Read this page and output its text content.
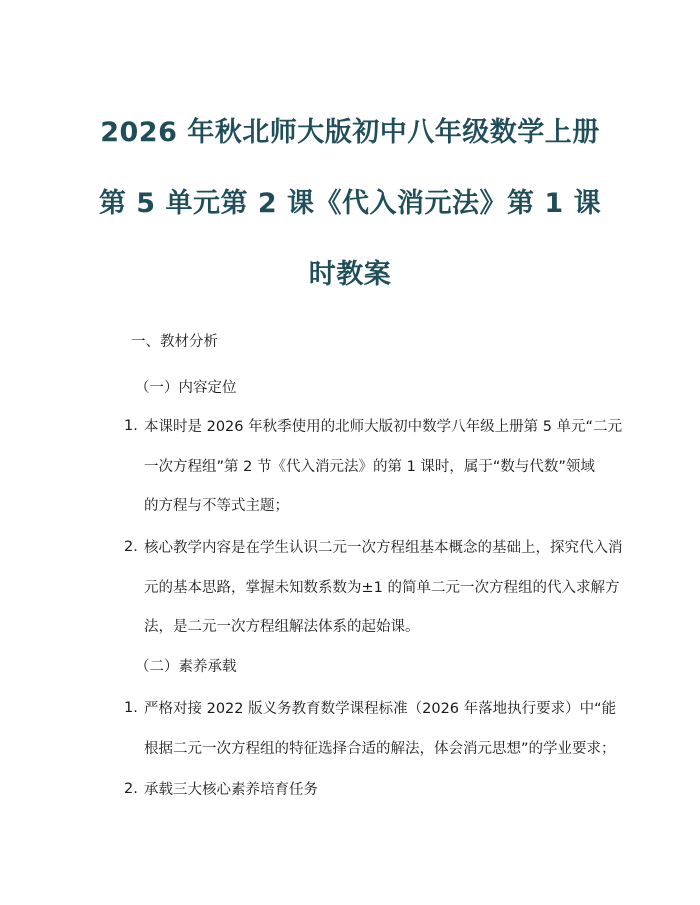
2026 年秋北师大版初中八年级数学上册
第 5 单元第 2 课《代入消元法》第 1 课
时教案
一、教材分析
（一）内容定位
1. 本课时是 2026 年秋季使用的北师大版初中数学八年级上册第 5 单元“二元
一次方程组”第 2 节《代入消元法》的第 1 课时，属于“数与代数”领域
的方程与不等式主题；
2. 核心教学内容是在学生认识二元一次方程组基本概念的基础上，探究代入消
元的基本思路，掌握未知数系数为±1 的简单二元一次方程组的代入求解方
法，是二元一次方程组解法体系的起始课。
（二）素养承载
1. 严格对接 2022 版义务教育数学课程标准（2026 年落地执行要求）中“能
根据二元一次方程组的特征选择合适的解法，体会消元思想”的学业要求；
2. 承载三大核心素养培育任务
